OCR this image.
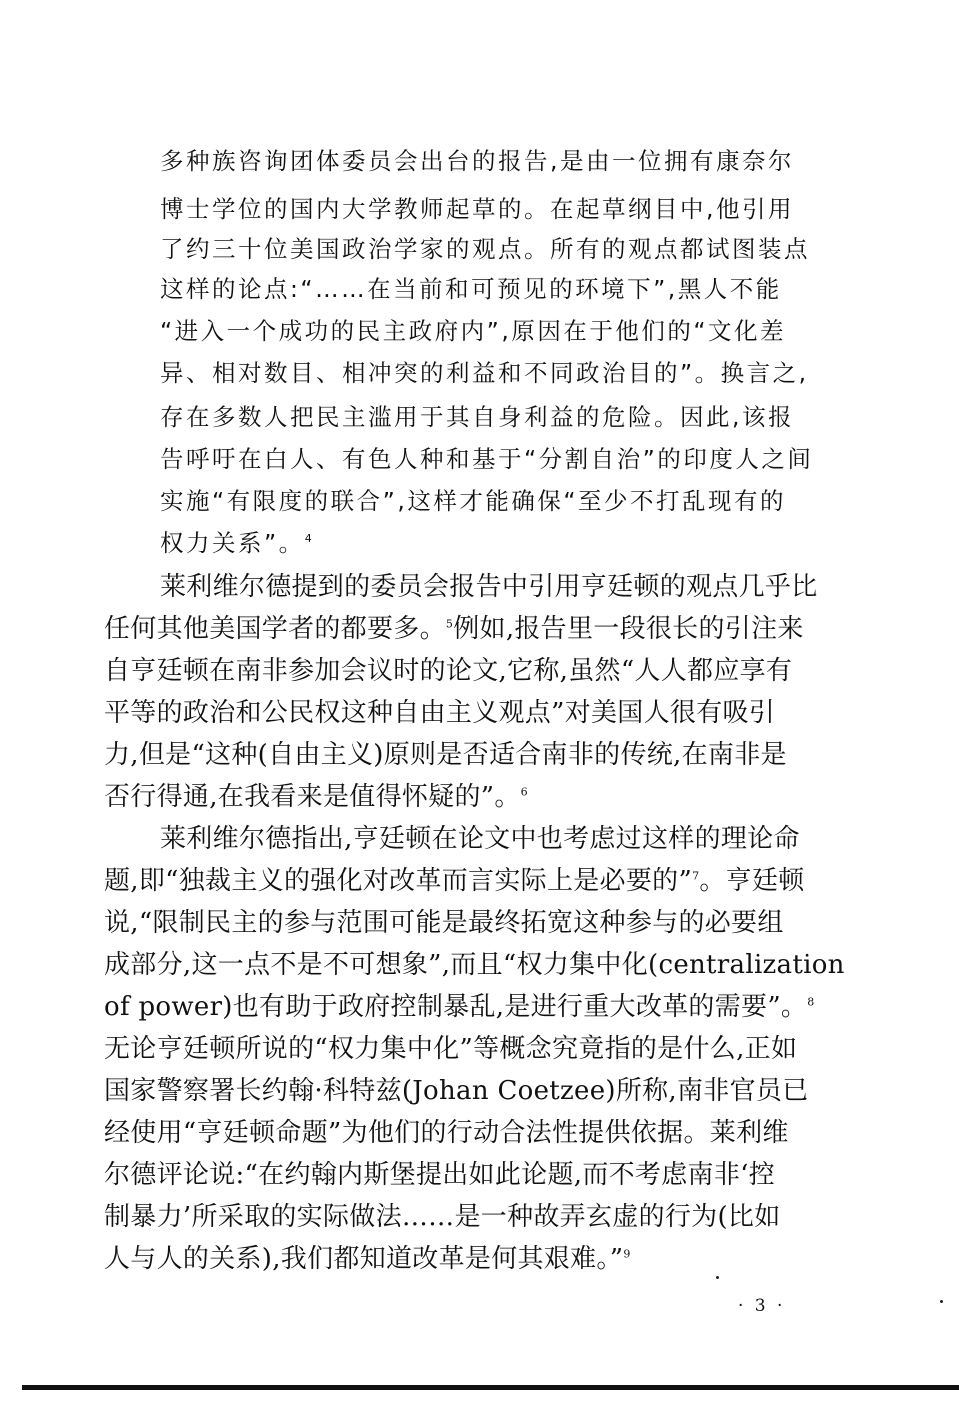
多种族咨询团体委员会出台的报告,是由一位拥有康奈尔
博士学位的国内大学教师起草的。在起草纲目中,他引用
了约三十位美国政治学家的观点。所有的观点都试图装点
这样的论点:“……在当前和可预见的环境下”,黑人不能
“进入一个成功的民主政府内”,原因在于他们的“文化差
异、相对数目、相冲突的利益和不同政治目的”。换言之,
存在多数人把民主滥用于其自身利益的危险。因此,该报
告呼吁在白人、有色人种和基于“分割自治”的印度人之间
实施“有限度的联合”,这样才能确保“至少不打乱现有的
权力关系”。$^4$
莱利维尔德提到的委员会报告中引用亨廷顿的观点几乎比
任何其他美国学者的都要多。$^5$例如,报告里一段很长的引注来
自亨廷顿在南非参加会议时的论文,它称,虽然“人人都应享有
平等的政治和公民权这种自由主义观点”对美国人很有吸引
力,但是“这种(自由主义)原则是否适合南非的传统,在南非是
否行得通,在我看来是值得怀疑的”。$^6$
莱利维尔德指出,亨廷顿在论文中也考虑过这样的理论命
题,即“独裁主义的强化对改革而言实际上是必要的”$^7$。亨廷顿
说,“限制民主的参与范围可能是最终拓宽这种参与的必要组
成部分,这一点不是不可想象”,而且“权力集中化(centralization
of power)也有助于政府控制暴乱,是进行重大改革的需要”。$^8$
无论亨廷顿所说的“权力集中化”等概念究竟指的是什么,正如
国家警察署长约翰·科特兹(Johan Coetzee)所称,南非官员已
经使用“亨廷顿命题”为他们的行动合法性提供依据。莱利维
尔德评论说:“在约翰内斯堡提出如此论题,而不考虑南非‘控
制暴力’所采取的实际做法……是一种故弄玄虚的行为(比如
人与人的关系),我们都知道改革是何其艰难。”$^9$
· 3 ·
